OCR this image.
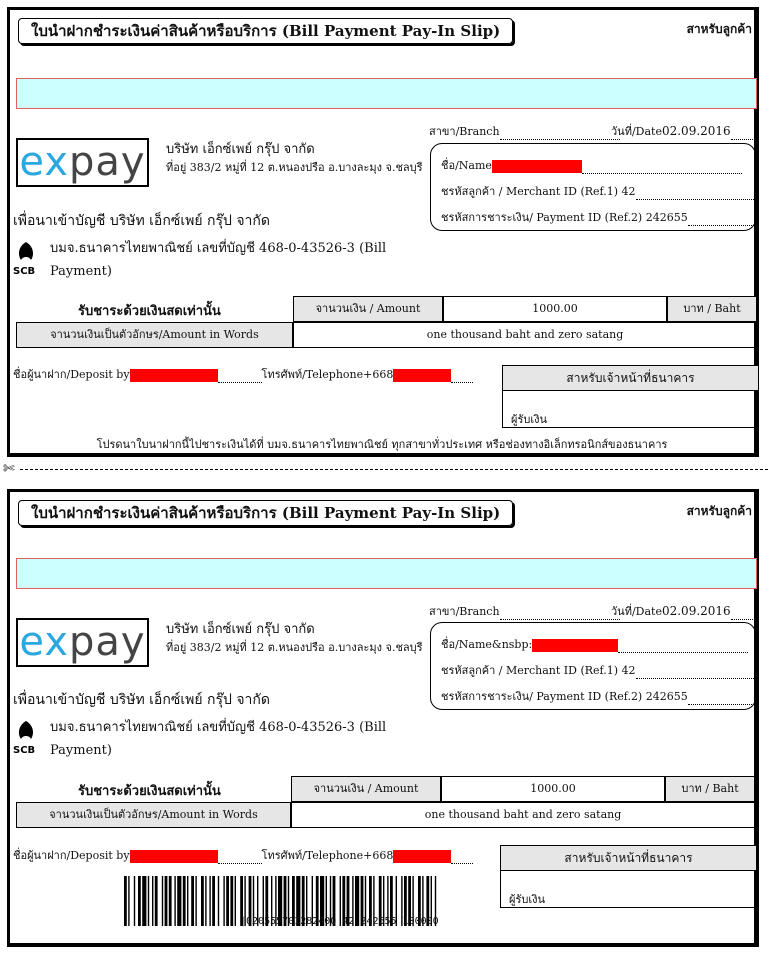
ใบนำฝากชำระเงินค่าสินค้าหรือบริการ (Bill Payment Pay-In Slip)	สาหรับลูกค้า
expay บริษัท เอ็กซ์เพย์ กรุ๊ป จากัด
ที่อยู่ 383/2 หมู่ที่ 12 ต.หนองปรือ อ.บางละมุง จ.ชลบุรี
สาขา/Branch	วันที่/Date02.09.2016
ชื่อ/Name
ชรหัสลูกค้า / Merchant ID (Ref.1) 42
ชรหัสการชาระเงิน/ Payment ID (Ref.2) 242655
เพื่อนาเข้าบัญชี บริษัท เอ็กซ์เพย์ กรุ๊ป จากัด
SCB
บมจ.ธนาคารไทยพาณิชย์ เลขที่บัญชี 468-0-43526-3 (Bill Payment)
รับชาระด้วยเงินสดเท่านั้น	จานวนเงิน / Amount	1000.00	บาท / Baht
จานวนเงินเป็นตัวอักษร/Amount in Words	one thousand baht and zero satang
ชื่อผู้นาฝาก/Deposit by	โทรศัพท์/Telephone+668	สาหรับเจ้าหน้าที่ธนาคาร
ผู้รับเงิน
โปรดนาใบนาฝากนี้ไปชาระเงินได้ที่ บมจ.ธนาคารไทยพาณิชย์ ทุกสาขาทั่วประเทศ หรือช่องทางอิเล็กทรอนิกส์ของธนาคาร
✄
ใบนำฝากชำระเงินค่าสินค้าหรือบริการ (Bill Payment Pay-In Slip)	สาหรับลูกค้า
expay บริษัท เอ็กซ์เพย์ กรุ๊ป จากัด
ที่อยู่ 383/2 หมู่ที่ 12 ต.หนองปรือ อ.บางละมุง จ.ชลบุรี
สาขา/Branch	วันที่/Date02.09.2016
ชื่อ/Name&nsbp:
ชรหัสลูกค้า / Merchant ID (Ref.1) 42
ชรหัสการชาระเงิน/ Payment ID (Ref.2) 242655
เพื่อนาเข้าบัญชี บริษัท เอ็กซ์เพย์ กรุ๊ป จากัด
SCB
บมจ.ธนาคารไทยพาณิชย์ เลขที่บัญชี 468-0-43526-3 (Bill Payment)
รับชาระด้วยเงินสดเท่านั้น	จานวนเงิน / Amount	1000.00	บาท / Baht
จานวนเงินเป็นตัวอักษร/Amount in Words	one thousand baht and zero satang
ชื่อผู้นาฝาก/Deposit by	โทรศัพท์/Telephone+668	สาหรับเจ้าหน้าที่ธนาคาร
ผู้รับเงิน
|020555701282400 42 242655 100000
